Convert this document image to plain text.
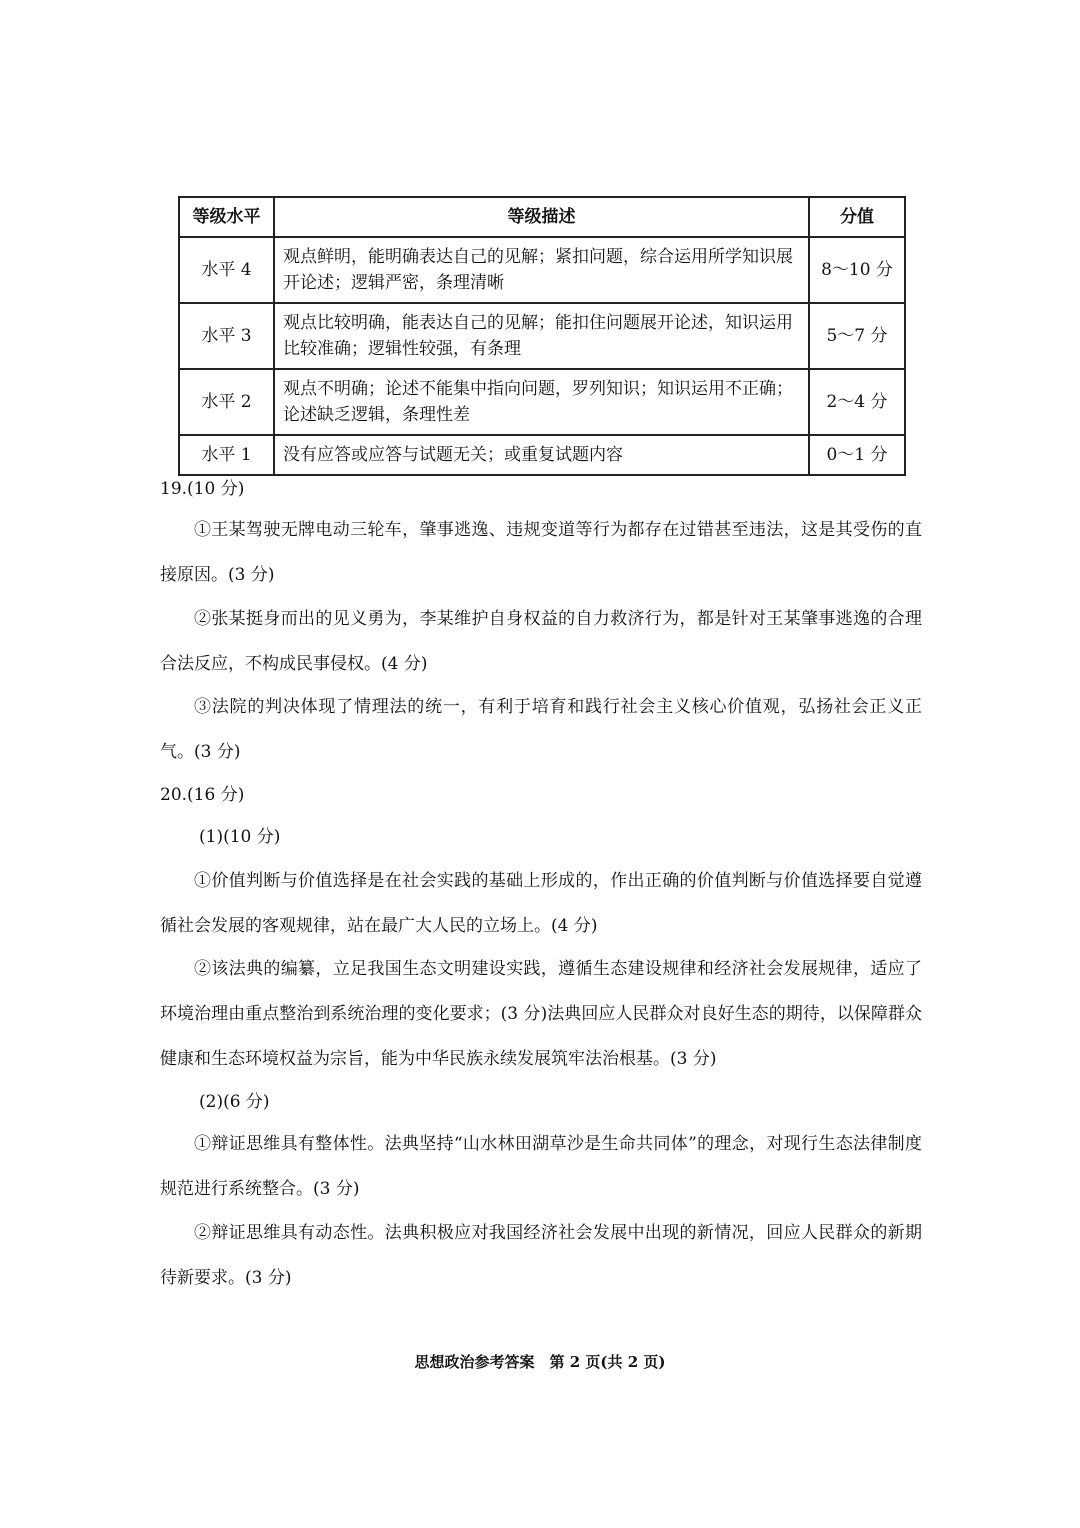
等级水平	等级描述	分值
水平 4	观点鲜明，能明确表达自己的见解；紧扣问题，综合运用所学知识展开论述；逻辑严密，条理清晰	8～10 分
水平 3	观点比较明确，能表达自己的见解；能扣住问题展开论述，知识运用比较准确；逻辑性较强，有条理	5～7 分
水平 2	观点不明确；论述不能集中指向问题，罗列知识；知识运用不正确；论述缺乏逻辑，条理性差	2～4 分
水平 1	没有应答或应答与试题无关；或重复试题内容	0～1 分
19.(10 分)
①王某驾驶无牌电动三轮车，肇事逃逸、违规变道等行为都存在过错甚至违法，这是其受伤的直接原因。(3 分)
②张某挺身而出的见义勇为，李某维护自身权益的自力救济行为，都是针对王某肇事逃逸的合理合法反应，不构成民事侵权。(4 分)
③法院的判决体现了情理法的统一，有利于培育和践行社会主义核心价值观，弘扬社会正义正气。(3 分)
20.(16 分)
(1)(10 分)
①价值判断与价值选择是在社会实践的基础上形成的，作出正确的价值判断与价值选择要自觉遵循社会发展的客观规律，站在最广大人民的立场上。(4 分)
②该法典的编纂，立足我国生态文明建设实践，遵循生态建设规律和经济社会发展规律，适应了环境治理由重点整治到系统治理的变化要求；(3 分)法典回应人民群众对良好生态的期待，以保障群众健康和生态环境权益为宗旨，能为中华民族永续发展筑牢法治根基。(3 分)
(2)(6 分)
①辩证思维具有整体性。法典坚持“山水林田湖草沙是生命共同体”的理念，对现行生态法律制度规范进行系统整合。(3 分)
②辩证思维具有动态性。法典积极应对我国经济社会发展中出现的新情况，回应人民群众的新期待新要求。(3 分)
思想政治参考答案　第 2 页(共 2 页)
